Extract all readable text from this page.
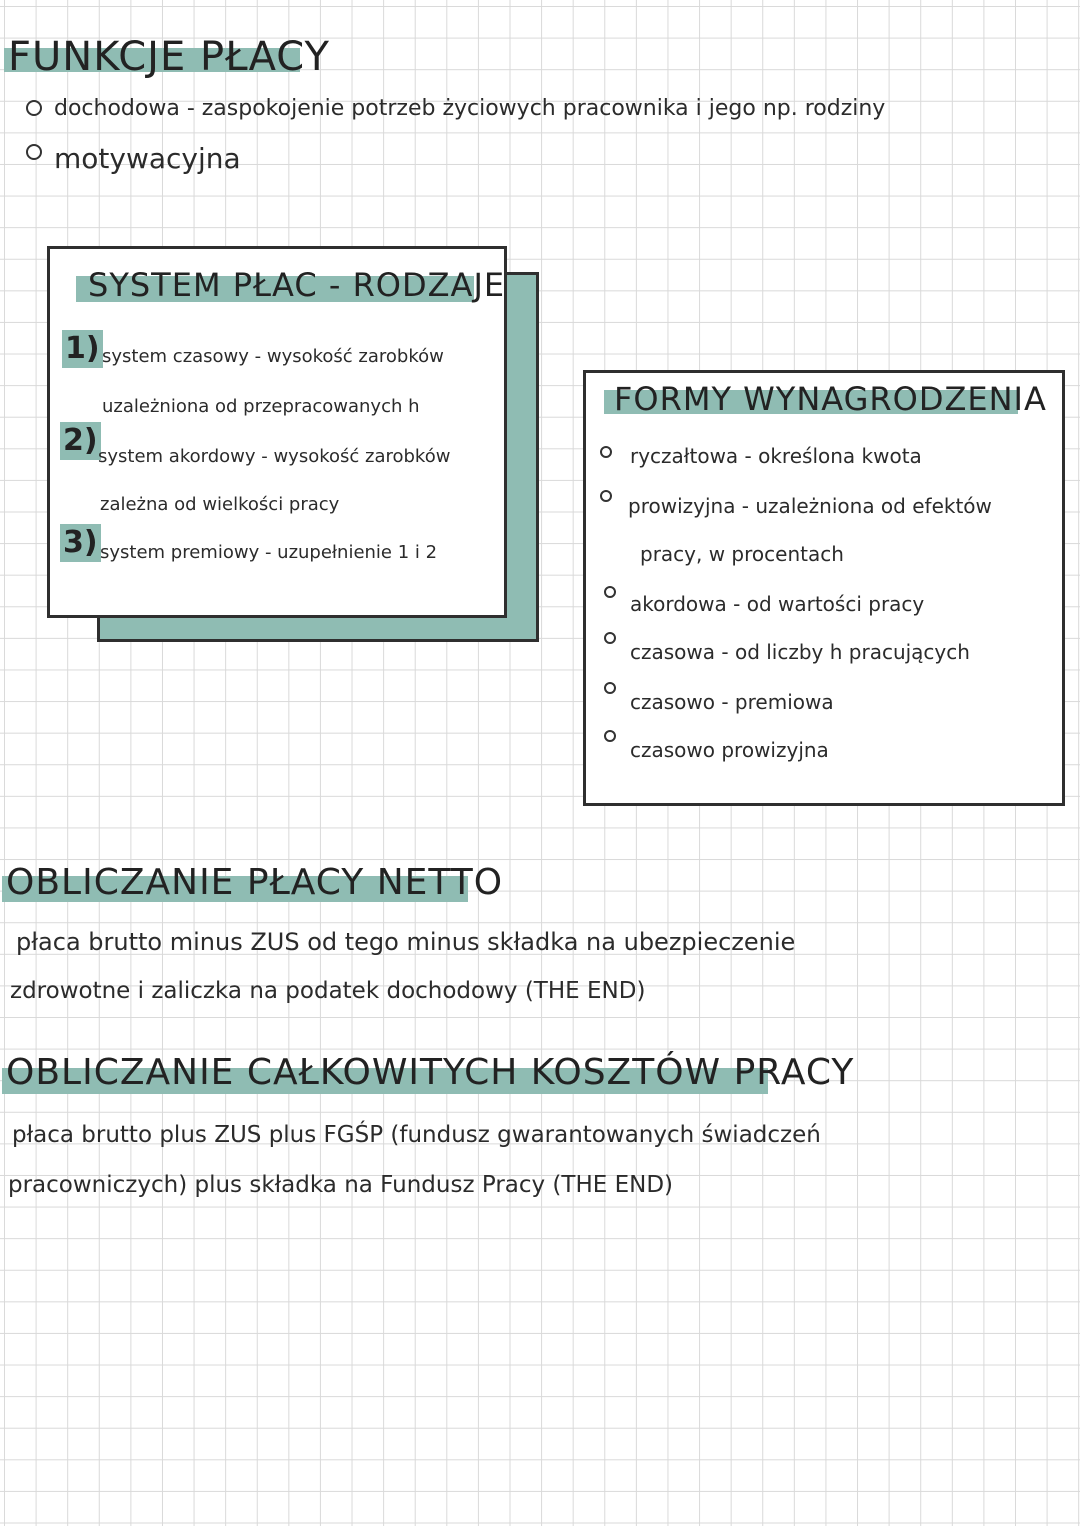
FUNKCJE PŁACY
dochodowa - zaspokojenie potrzeb życiowych pracownika i jego np. rodziny
motywacyjna
SYSTEM PŁAC - RODZAJE
1) system czasowy - wysokość zarobków
uzależniona od przepracowanych h
2) system akordowy - wysokość zarobków
zależna od wielkości pracy
3) system premiowy - uzupełnienie 1 i 2
FORMY WYNAGRODZENIA
ryczałtowa - określona kwota
prowizyjna - uzależniona od efektów
pracy, w procentach
akordowa - od wartości pracy
czasowa - od liczby h pracujących
czasowo - premiowa
czasowo prowizyjna
OBLICZANIE PŁACY NETTO
płaca brutto minus ZUS od tego minus składka na ubezpieczenie
zdrowotne i zaliczka na podatek dochodowy (THE END)
OBLICZANIE CAŁKOWITYCH KOSZTÓW PRACY
płaca brutto plus ZUS plus FGŚP (fundusz gwarantowanych świadczeń
pracowniczych) plus składka na Fundusz Pracy (THE END)
